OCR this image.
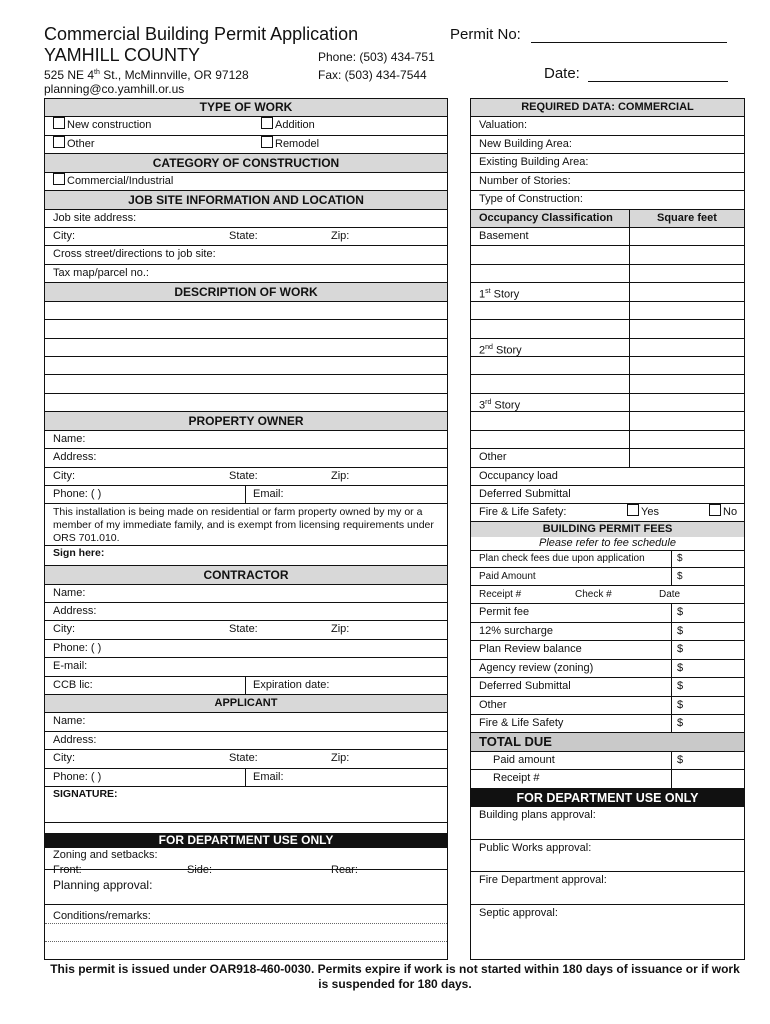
Commercial Building Permit Application	Permit No:
YAMHILL COUNTY	Phone: (503) 434-751
525 NE 4th St., McMinnville, OR 97128	Fax: (503) 434-7544	Date:
planning@co.yamhill.or.us
TYPE OF WORK
New construction	Addition
Other	Remodel
CATEGORY OF CONSTRUCTION
Commercial/Industrial
JOB SITE INFORMATION AND LOCATION
Job site address:
City:	State:	Zip:
Cross street/directions to job site:
Tax map/parcel no.:
DESCRIPTION OF WORK
PROPERTY OWNER
Name:
Address:
City:	State:	Zip:
Phone: ( )	Email:
This installation is being made on residential or farm property owned by my or a member of my immediate family, and is exempt from licensing requirements under ORS 701.010.
Sign here:
CONTRACTOR
Name:
Address:
City:	State:	Zip:
Phone: ( )
E-mail:
CCB lic:	Expiration date:
APPLICANT
Name:
Address:
City:	State:	Zip:
Phone: ( )	Email:
SIGNATURE:
FOR DEPARTMENT USE ONLY
Zoning and setbacks:
Front:	Side:	Rear:
Planning approval:
Conditions/remarks:
REQUIRED DATA: COMMERCIAL
Valuation:
New Building Area:
Existing Building Area:
Number of Stories:
Type of Construction:
Occupancy Classification	Square feet
Basement
1st Story
2nd Story
3rd Story
Other
Occupancy load
Deferred Submittal
Fire & Life Safety:	Yes	No
BUILDING PERMIT FEES
Please refer to fee schedule
Plan check fees due upon application	$
Paid Amount	$
Receipt #	Check #	Date
Permit fee	$
12% surcharge	$
Plan Review balance	$
Agency review (zoning)	$
Deferred Submittal	$
Other	$
Fire & Life Safety	$
TOTAL DUE
Paid amount	$
Receipt #
FOR DEPARTMENT USE ONLY
Building plans approval:
Public Works approval:
Fire Department approval:
Septic approval:
This permit is issued under OAR918-460-0030. Permits expire if work is not started within 180 days of issuance or if work is suspended for 180 days.
